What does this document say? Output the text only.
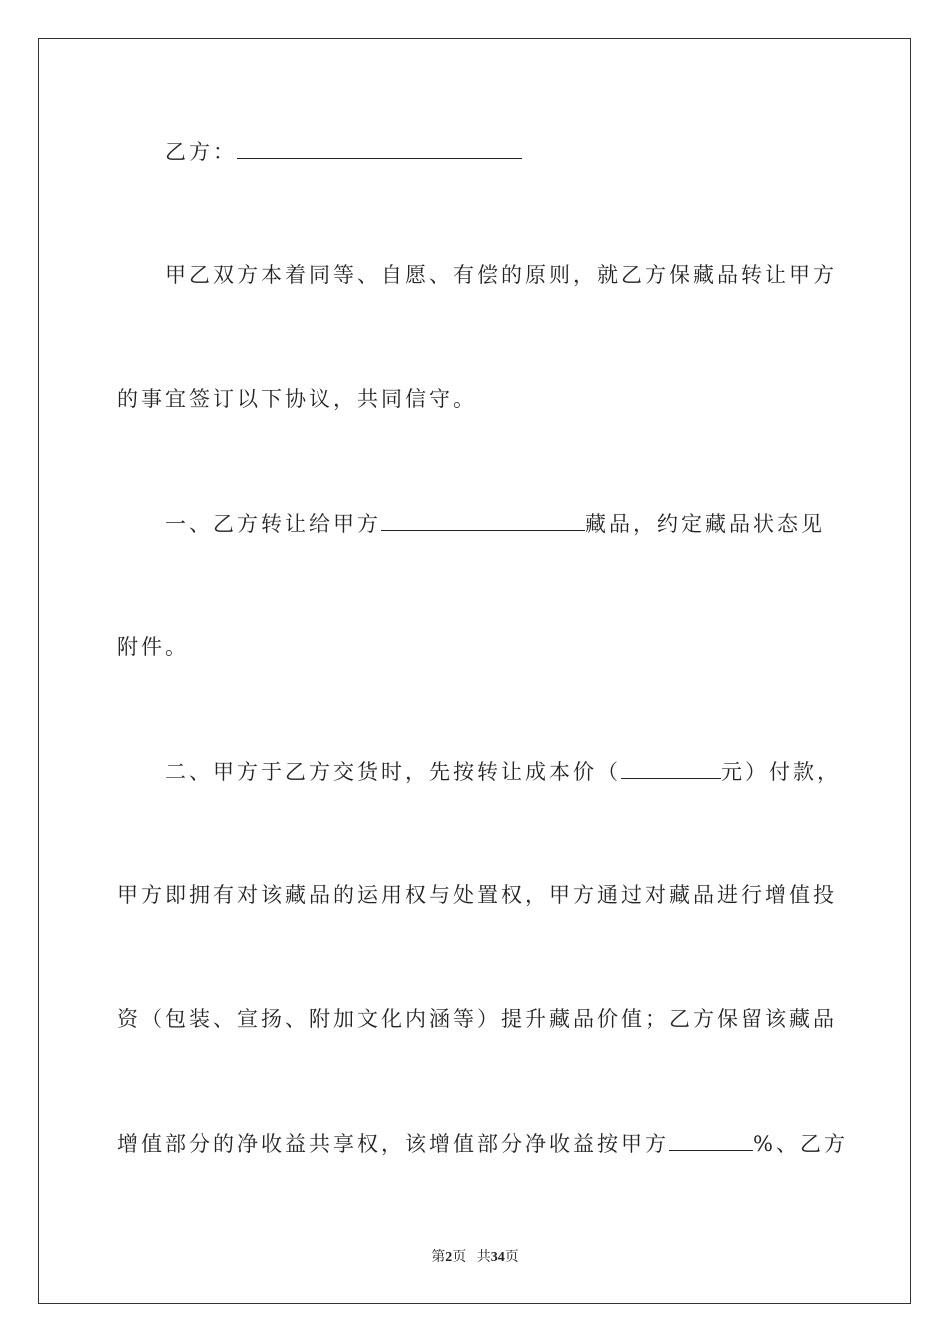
乙方：
甲乙双方本着同等、自愿、有偿的原则，就乙方保藏品转让甲方
的事宜签订以下协议，共同信守。
一、乙方转让给甲方	藏品，约定藏品状态见
附件。
二、甲方于乙方交货时，先按转让成本价（	元）付款，
甲方即拥有对该藏品的运用权与处置权，甲方通过对藏品进行增值投
资（包装、宣扬、附加文化内涵等）提升藏品价值；乙方保留该藏品
增值部分的净收益共享权，该增值部分净收益按甲方	%、乙方
第2页 共34页
